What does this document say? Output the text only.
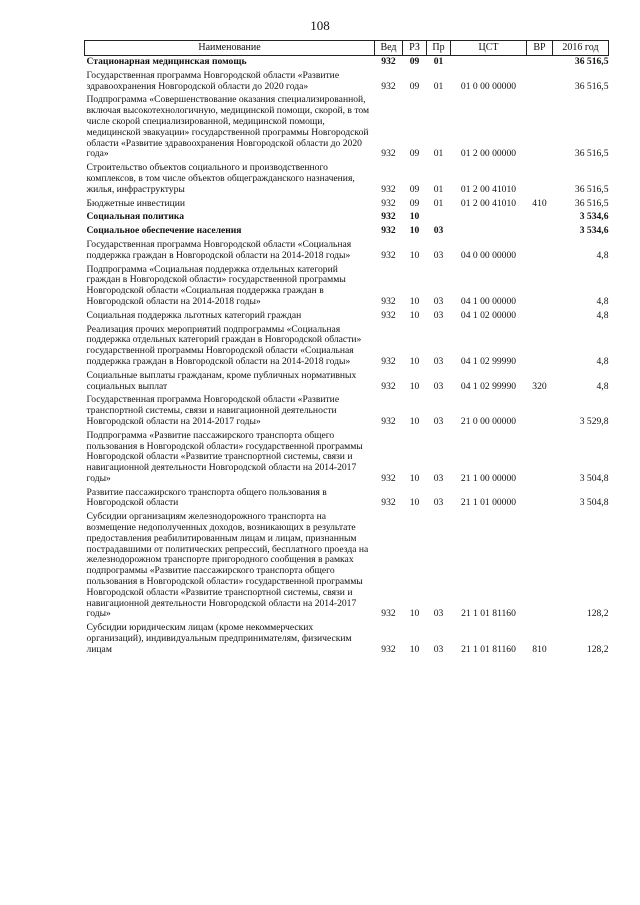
108
Наименование	Вед	РЗ	Пр	ЦСТ	ВР	2016 год
Стационарная медицинская помощь	932	09	01			36 516,5
Государственная программа Новгородской области «Развитие здравоохранения Новгородской области до 2020 года»	932	09	01	01 0 00 00000		36 516,5
Подпрограмма «Совершенствование оказания специализированной, включая высокотехнологичную, медицинской помощи, скорой, в том числе скорой специализированной, медицинской помощи, медицинской эвакуации» государственной программы Новгородской области «Развитие здравоохранения Новгородской области до 2020 года»	932	09	01	01 2 00 00000		36 516,5
Строительство объектов социального и производственного комплексов, в том числе объектов общегражданского назначения, жилья, инфраструктуры	932	09	01	01 2 00 41010		36 516,5
Бюджетные инвестиции	932	09	01	01 2 00 41010	410	36 516,5
Социальная политика	932	10				3 534,6
Социальное обеспечение населения	932	10	03			3 534,6
Государственная программа Новгородской области «Социальная поддержка граждан в Новгородской области на 2014-2018 годы»	932	10	03	04 0 00 00000		4,8
Подпрограмма «Социальная поддержка отдельных категорий граждан в Новгородской области» государственной программы Новгородской области «Социальная поддержка граждан в Новгородской области на 2014-2018 годы»	932	10	03	04 1 00 00000		4,8
Социальная поддержка льготных категорий граждан	932	10	03	04 1 02 00000		4,8
Реализация прочих мероприятий подпрограммы «Социальная поддержка отдельных категорий граждан в Новгородской области» государственной программы Новгородской области «Социальная поддержка граждан в Новгородской области на 2014-2018 годы»	932	10	03	04 1 02 99990		4,8
Социальные выплаты гражданам, кроме публичных нормативных социальных выплат	932	10	03	04 1 02 99990	320	4,8
Государственная программа Новгородской области «Развитие транспортной системы, связи и навигационной деятельности Новгородской области на 2014-2017 годы»	932	10	03	21 0 00 00000		3 529,8
Подпрограмма «Развитие пассажирского транспорта общего пользования в Новгородской области» государственной программы Новгородской области «Развитие транспортной системы, связи и навигационной деятельности Новгородской области на 2014-2017 годы»	932	10	03	21 1 00 00000		3 504,8
Развитие пассажирского транспорта общего пользования в Новгородской области	932	10	03	21 1 01 00000		3 504,8
Субсидии организациям железнодорожного транспорта на возмещение недополученных доходов, возникающих в результате предоставления реабилитированным лицам и лицам, признанным пострадавшими от политических репрессий, бесплатного проезда на железнодорожном транспорте пригородного сообщения в рамках подпрограммы «Развитие пассажирского транспорта общего пользования в Новгородской области» государственной программы Новгородской области «Развитие транспортной системы, связи и навигационной деятельности Новгородской области на 2014-2017 годы»	932	10	03	21 1 01 81160		128,2
Субсидии юридическим лицам (кроме некоммерческих организаций), индивидуальным предпринимателям, физическим лицам	932	10	03	21 1 01 81160	810	128,2
